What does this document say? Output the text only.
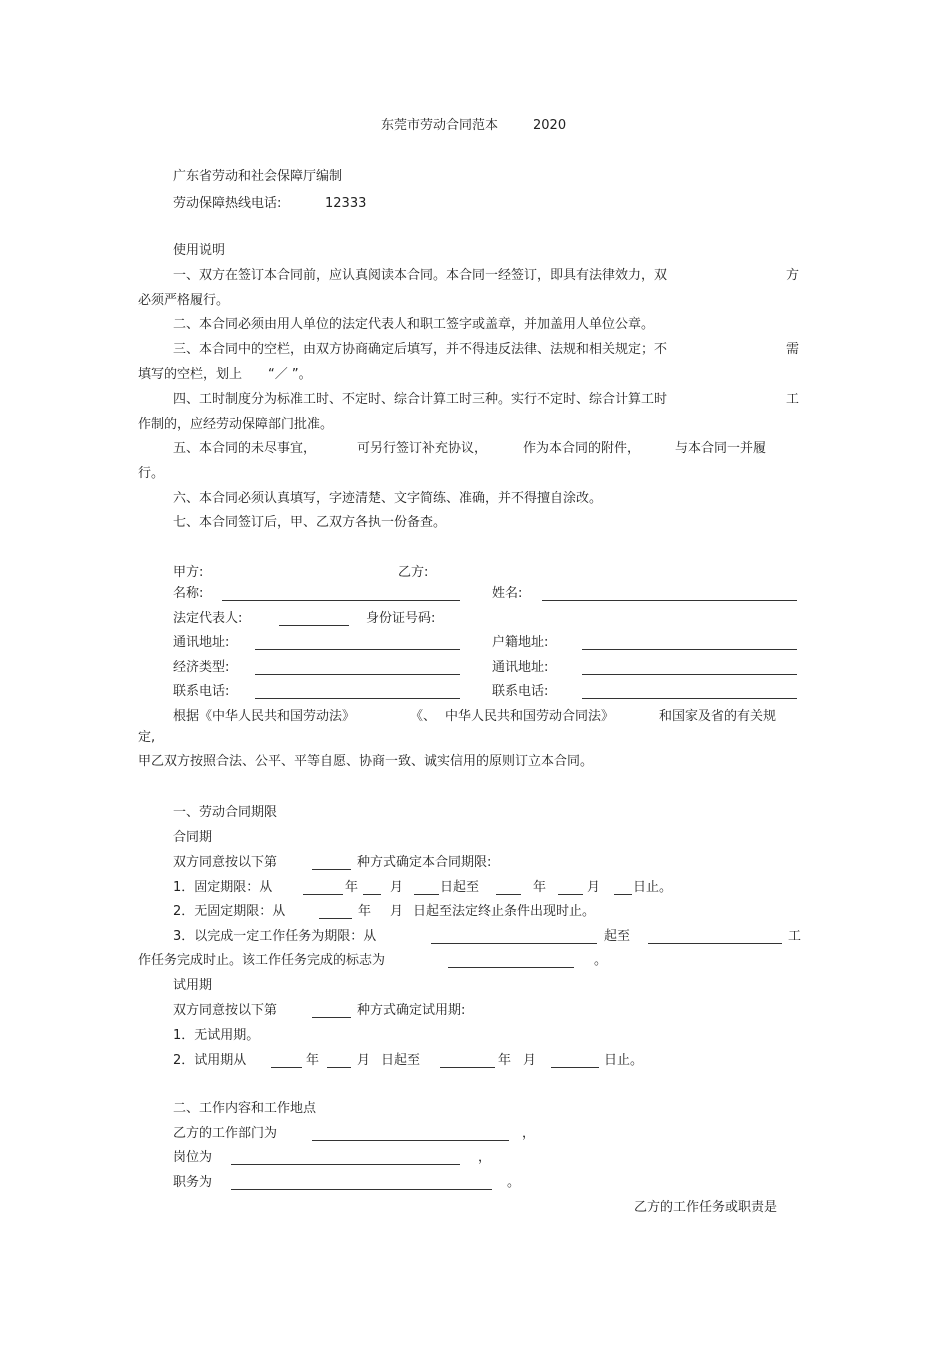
东莞市劳动合同范本	2020
广东省劳动和社会保障厅编制
劳动保障热线电话:	12333
使用说明
一、双方在签订本合同前，应认真阅读本合同。本合同一经签订，即具有法律效力，双	方
必须严格履行。
二、本合同必须由用人单位的法定代表人和职工签字或盖章，并加盖用人单位公章。
三、本合同中的空栏，由双方协商确定后填写，并不得违反法律、法规和相关规定；不	需
填写的空栏，划上 “／ ”。
四、工时制度分为标准工时、不定时、综合计算工时三种。实行不定时、综合计算工时	工
作制的，应经劳动保障部门批准。
五、本合同的未尽事宜，	可另行签订补充协议，	作为本合同的附件，	与本合同一并履
行。
六、本合同必须认真填写，字迹清楚、文字简练、准确，并不得擅自涂改。
七、本合同签订后，甲、乙双方各执一份备查。
甲方:	乙方:
名称:	姓名:
法定代表人:	身份证号码:
通讯地址:	户籍地址:
经济类型:	通讯地址:
联系电话:	联系电话:
根据《中华人民共和国劳动法》	《、 中华人民共和国劳动合同法》	和国家及省的有关规
定,
甲乙双方按照合法、公平、平等自愿、协商一致、诚实信用的原则订立本合同。
一、劳动合同期限
合同期
双方同意按以下第	种方式确定本合同期限:
1．固定期限：从	年 月	日起至	年	月	日止。
2．无固定期限：从	年 月 日起至法定终止条件出现时止。
3．以完成一定工作任务为期限：从	起至	工
作任务完成时止。该工作任务完成的标志为	。
试用期
双方同意按以下第	种方式确定试用期:
1．无试用期。
2．试用期从	年	月 日起至	年 月	日止。
二、工作内容和工作地点
乙方的工作部门为	，
岗位为	，
职务为	。
乙方的工作任务或职责是
